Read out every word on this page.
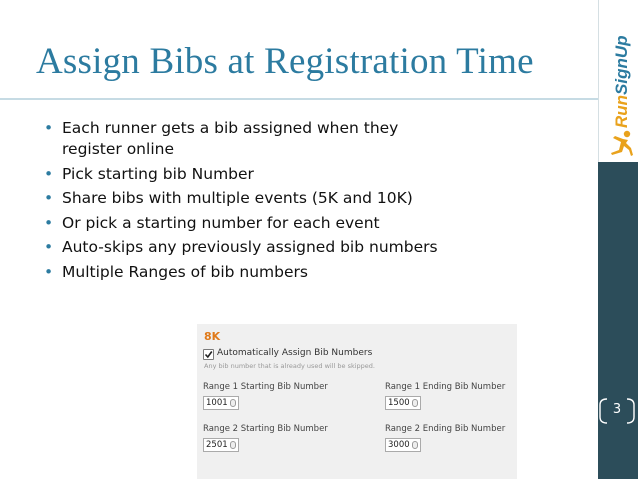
Assign Bibs at Registration Time
• Each runner gets a bib assigned when they
register online
• Pick starting bib Number
• Share bibs with multiple events (5K and 10K)
• Or pick a starting number for each event
• Auto-skips any previously assigned bib numbers
• Multiple Ranges of bib numbers
RunSignUp
3
8K
Automatically Assign Bib Numbers
Any bib number that is already used will be skipped.
Range 1 Starting Bib Number
1001
Range 1 Ending Bib Number
1500
Range 2 Starting Bib Number
2501
Range 2 Ending Bib Number
3000
